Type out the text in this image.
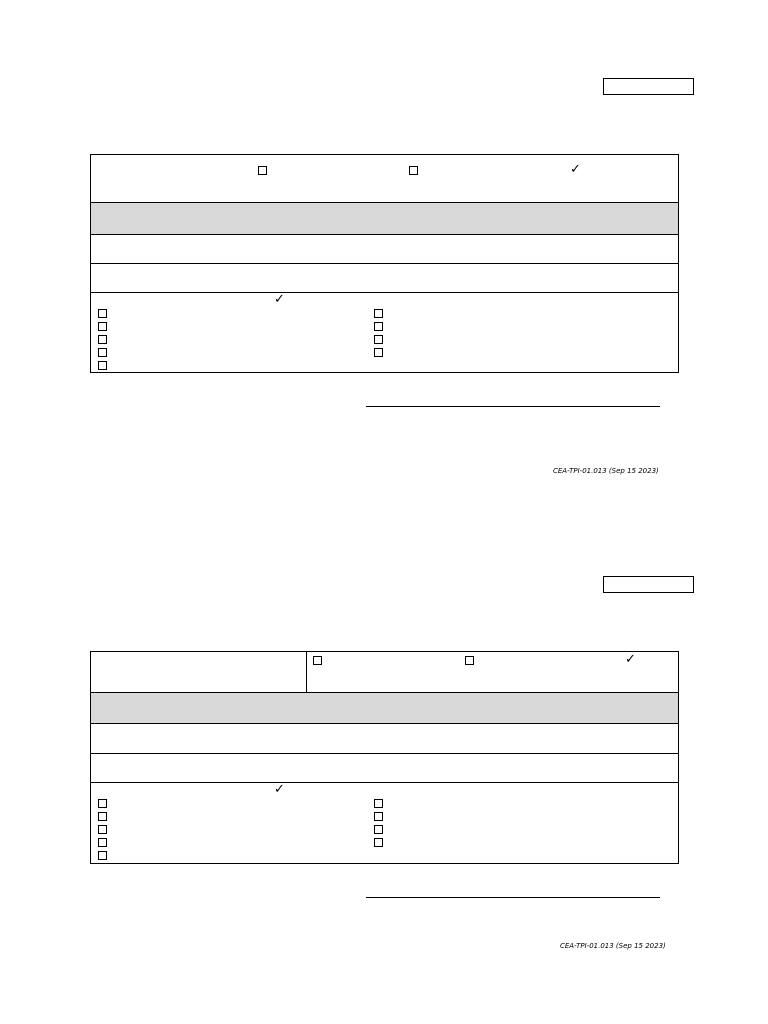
✓
✓
CEA-TPI-01.013 (Sep 15 2023)
✓
✓
CEA-TPI-01.013 (Sep 15 2023)
